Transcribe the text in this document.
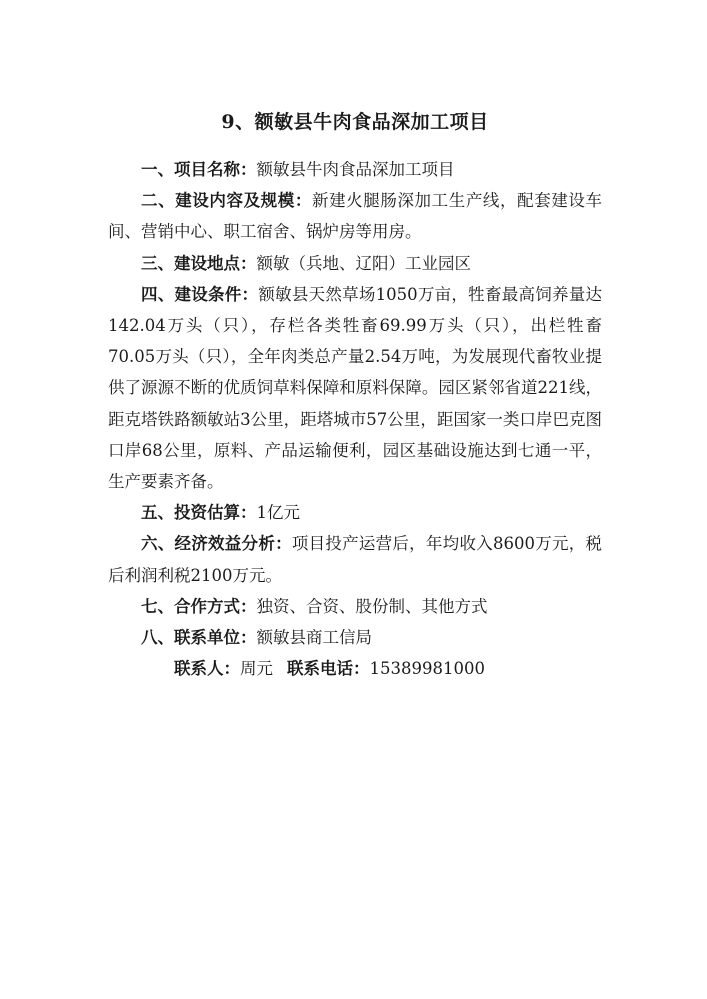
9、额敏县牛肉食品深加工项目

一、项目名称：额敏县牛肉食品深加工项目

二、建设内容及规模：新建火腿肠深加工生产线，配套建设车间、营销中心、职工宿舍、锅炉房等用房。

三、建设地点：额敏（兵地、辽阳）工业园区

四、建设条件：额敏县天然草场1050万亩，牲畜最高饲养量达142.04万头（只），存栏各类牲畜69.99万头（只），出栏牲畜70.05万头（只），全年肉类总产量2.54万吨，为发展现代畜牧业提供了源源不断的优质饲草料保障和原料保障。园区紧邻省道221线，距克塔铁路额敏站3公里，距塔城市57公里，距国家一类口岸巴克图口岸68公里，原料、产品运输便利，园区基础设施达到七通一平，生产要素齐备。

五、投资估算：1亿元

六、经济效益分析：项目投产运营后，年均收入8600万元，税后利润利税2100万元。

七、合作方式：独资、合资、股份制、其他方式

八、联系单位：额敏县商工信局

联系人：周元 联系电话：15389981000
